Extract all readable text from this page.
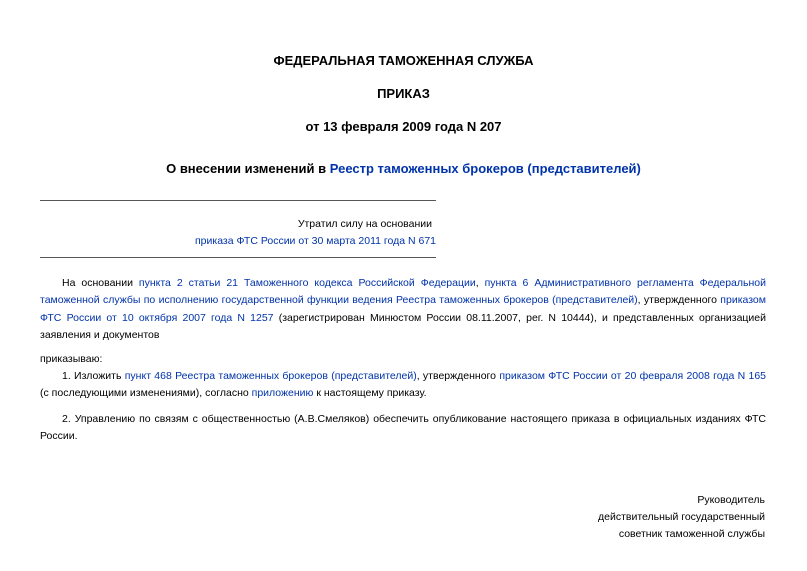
ФЕДЕРАЛЬНАЯ ТАМОЖЕННАЯ СЛУЖБА
ПРИКАЗ
от 13 февраля 2009 года N 207
О внесении изменений в Реестр таможенных брокеров (представителей)
Утратил силу на основании
приказа ФТС России от 30 марта 2011 года N 671
На основании пункта 2 статьи 21 Таможенного кодекса Российской Федерации, пункта 6 Административного регламента Федеральной таможенной службы по исполнению государственной функции ведения Реестра таможенных брокеров (представителей), утвержденного приказом ФТС России от 10 октября 2007 года N 1257 (зарегистрирован Минюстом России 08.11.2007, рег. N 10444), и представленных организацией заявления и документов
приказываю:
1. Изложить пункт 468 Реестра таможенных брокеров (представителей), утвержденного приказом ФТС России от 20 февраля 2008 года N 165 (с последующими изменениями), согласно приложению к настоящему приказу.
2. Управлению по связям с общественностью (А.В.Смеляков) обеспечить опубликование настоящего приказа в официальных изданиях ФТС России.
Руководитель
действительный государственный
советник таможенной службы
